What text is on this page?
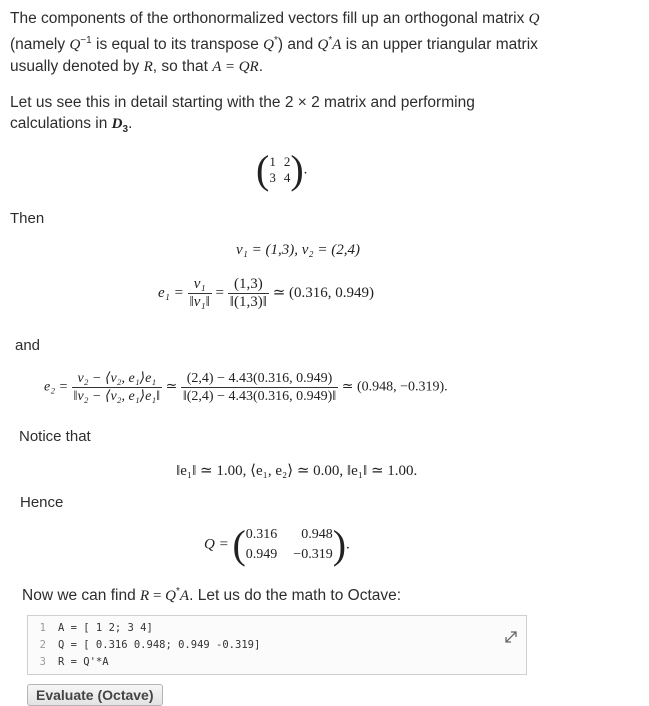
The components of the orthonormalized vectors fill up an orthogonal matrix Q
(namely $Q^{-1}$ is equal to its transpose Q*) and Q*A is an upper triangular matrix
usually denoted by R, so that A = QR.
Let us see this in detail starting with the 2 × 2 matrix and performing
calculations in $D_3$.
( 1 2
3 4 ).
Then
v₁ = (1,3), v₂ = (2,4)
$e_1 = \frac{\text{v₁}}{\text{‖v₁‖}} = \frac{(1,3)}{‖(1,3)‖}$ ≃ (0.316, 0.949)
and
$e_2 = \frac{\text{v₂ − ⟨v₂, e₁⟩e₁}}{\text{‖v₂ − ⟨v₂, e₁⟩e₁‖}}$ ≃ $\frac{(2,4) - 4.43(0.316, 0.949)}{‖(2,4) - 4.43(0.316, 0.949)‖}$ ≃ (0.948, −0.319).
Notice that
‖e₁‖ ≃ 1.00, ⟨e₁, e₂⟩ ≃ 0.00, ‖e₁‖ ≃ 1.00.
Hence
Q = ( 0.316	0.948
0.949 −0.319 ).
Now we can find R = Q*A. Let us do the math to Octave:
1 A = [ 1 2; 3 4]
2 Q = [ 0.316 0.948; 0.949 -0.319]
3 R = Q'*A
Evaluate (Octave)
